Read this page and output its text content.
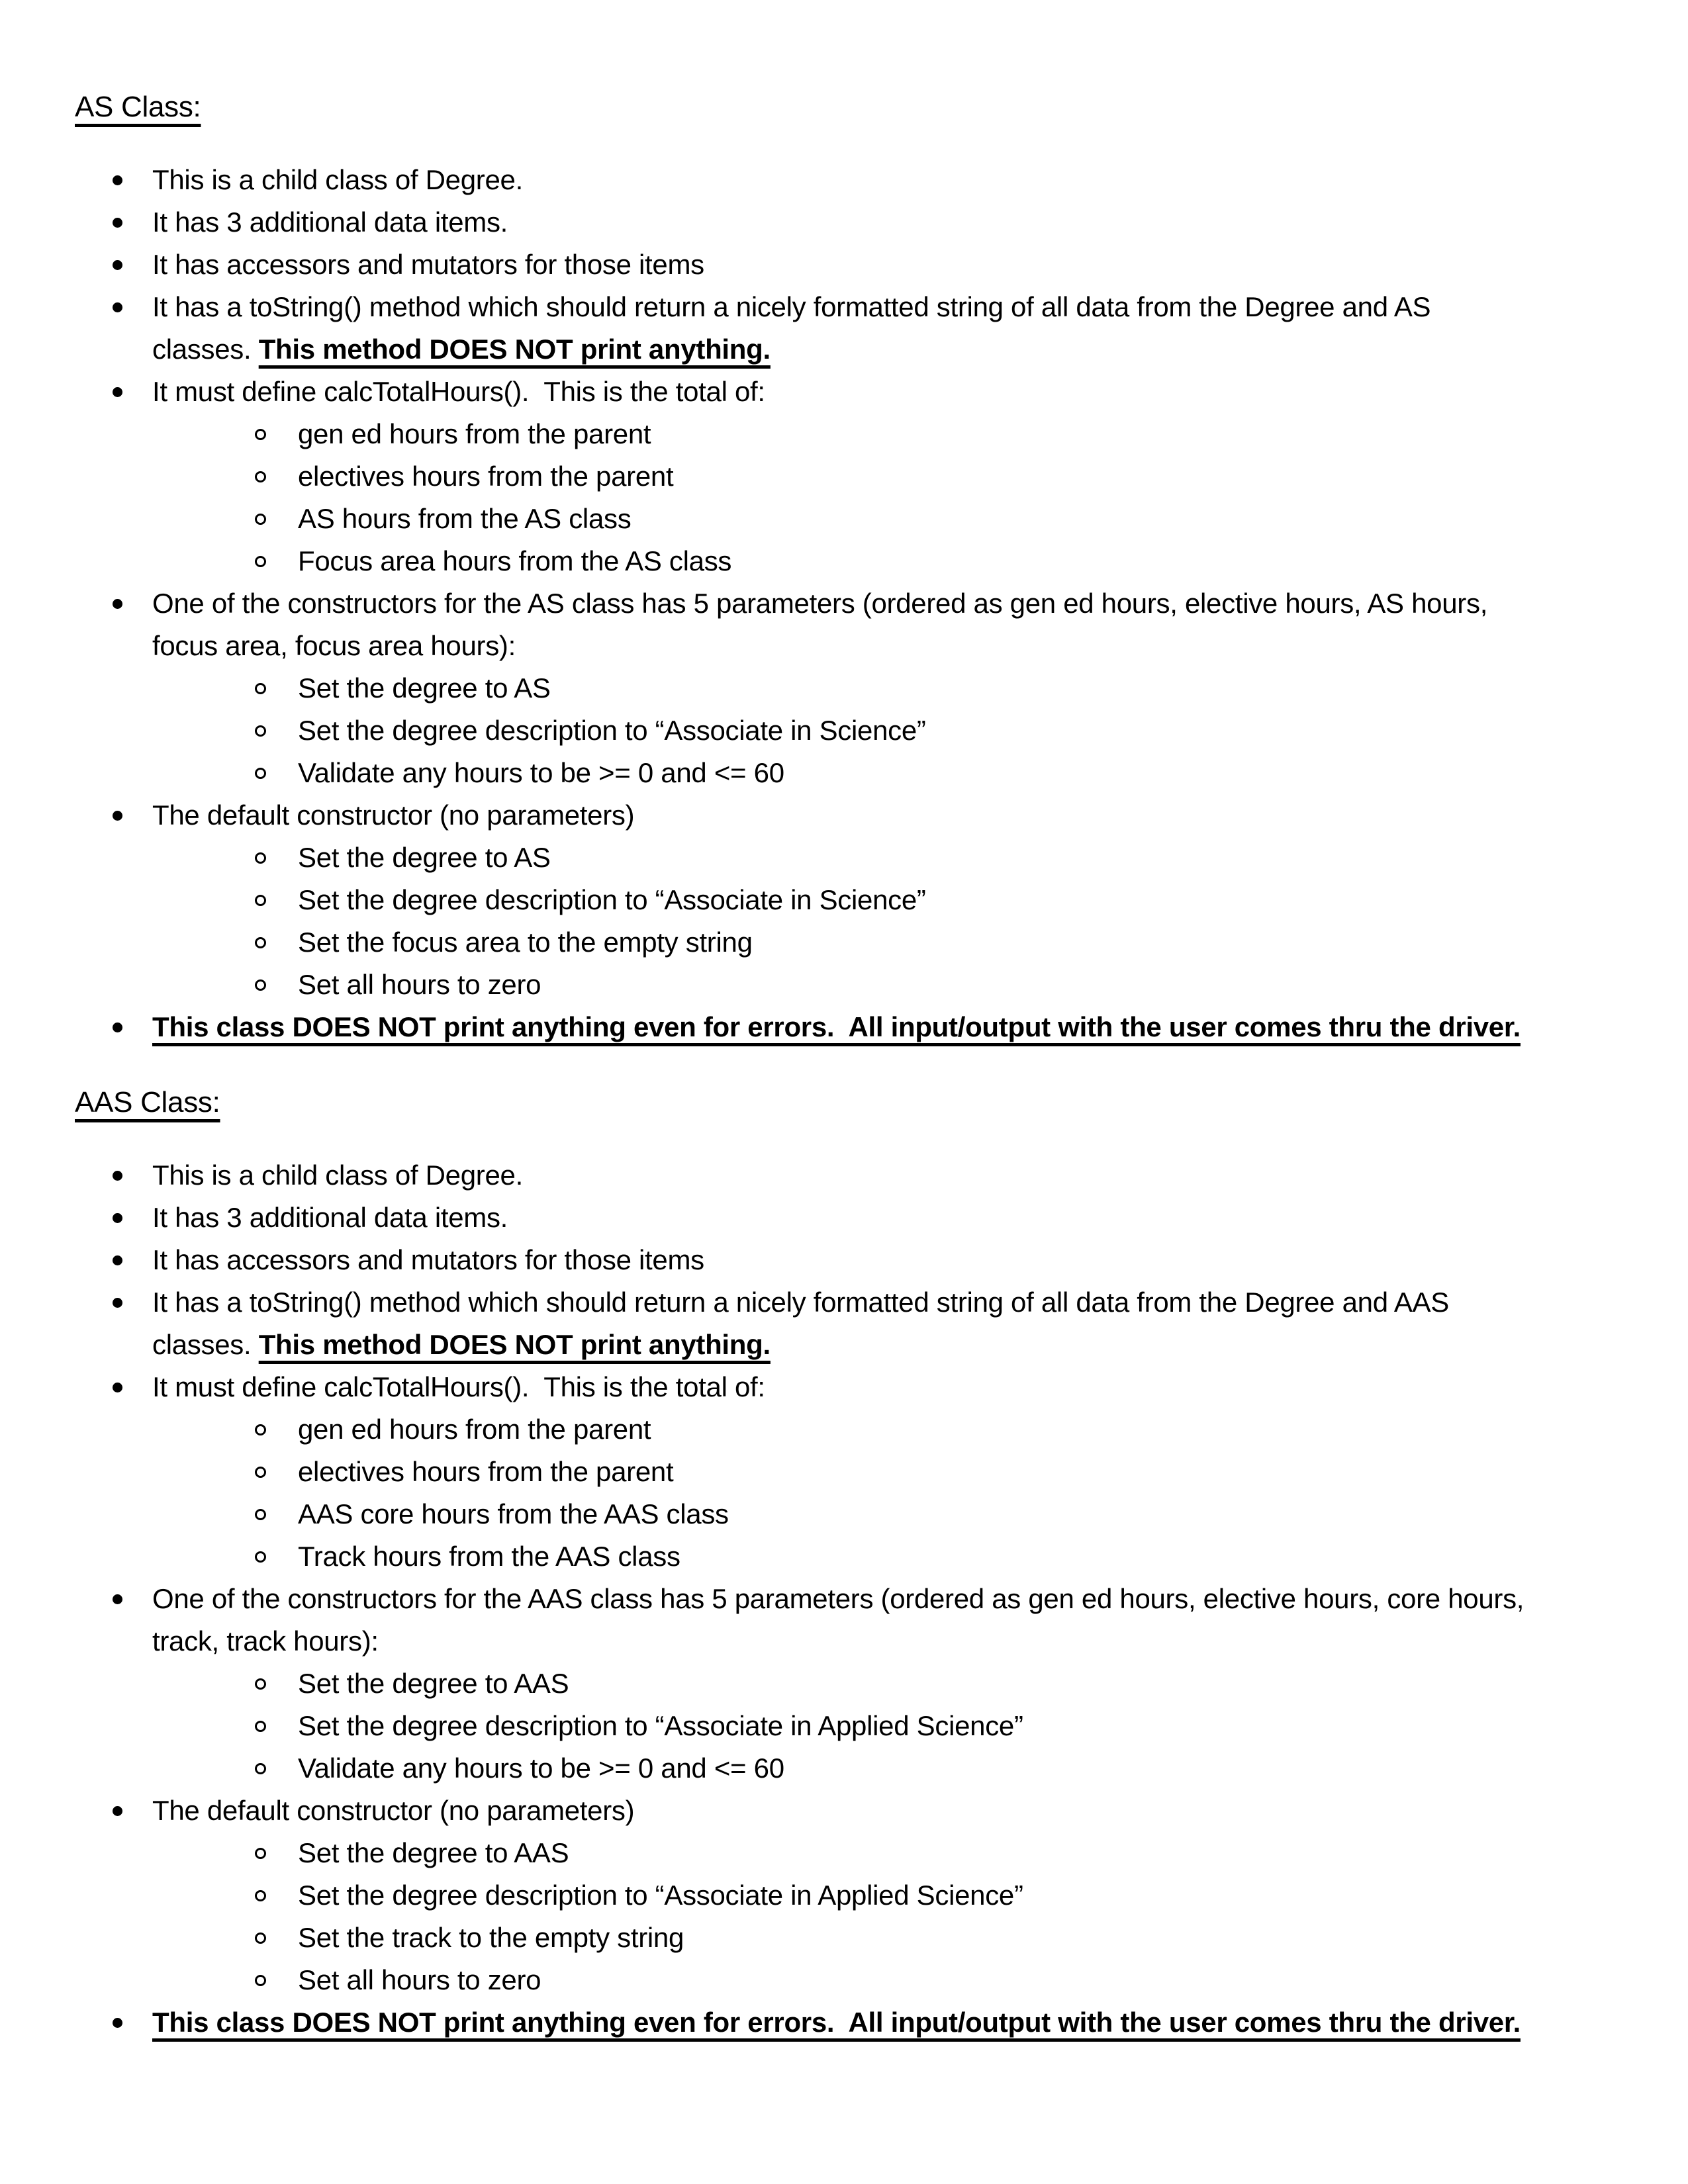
AS Class:
This is a child class of Degree.
It has 3 additional data items.
It has accessors and mutators for those items
It has a toString() method which should return a nicely formatted string of all data from the Degree and AS
classes. This method DOES NOT print anything.
It must define calcTotalHours().  This is the total of:
gen ed hours from the parent
electives hours from the parent
AS hours from the AS class
Focus area hours from the AS class
One of the constructors for the AS class has 5 parameters (ordered as gen ed hours, elective hours, AS hours,
focus area, focus area hours):
Set the degree to AS
Set the degree description to “Associate in Science”
Validate any hours to be >= 0 and <= 60
The default constructor (no parameters)
Set the degree to AS
Set the degree description to “Associate in Science”
Set the focus area to the empty string
Set all hours to zero
This class DOES NOT print anything even for errors.  All input/output with the user comes thru the driver.
AAS Class:
This is a child class of Degree.
It has 3 additional data items.
It has accessors and mutators for those items
It has a toString() method which should return a nicely formatted string of all data from the Degree and AAS
classes. This method DOES NOT print anything.
It must define calcTotalHours().  This is the total of:
gen ed hours from the parent
electives hours from the parent
AAS core hours from the AAS class
Track hours from the AAS class
One of the constructors for the AAS class has 5 parameters (ordered as gen ed hours, elective hours, core hours,
track, track hours):
Set the degree to AAS
Set the degree description to “Associate in Applied Science”
Validate any hours to be >= 0 and <= 60
The default constructor (no parameters)
Set the degree to AAS
Set the degree description to “Associate in Applied Science”
Set the track to the empty string
Set all hours to zero
This class DOES NOT print anything even for errors.  All input/output with the user comes thru the driver.
